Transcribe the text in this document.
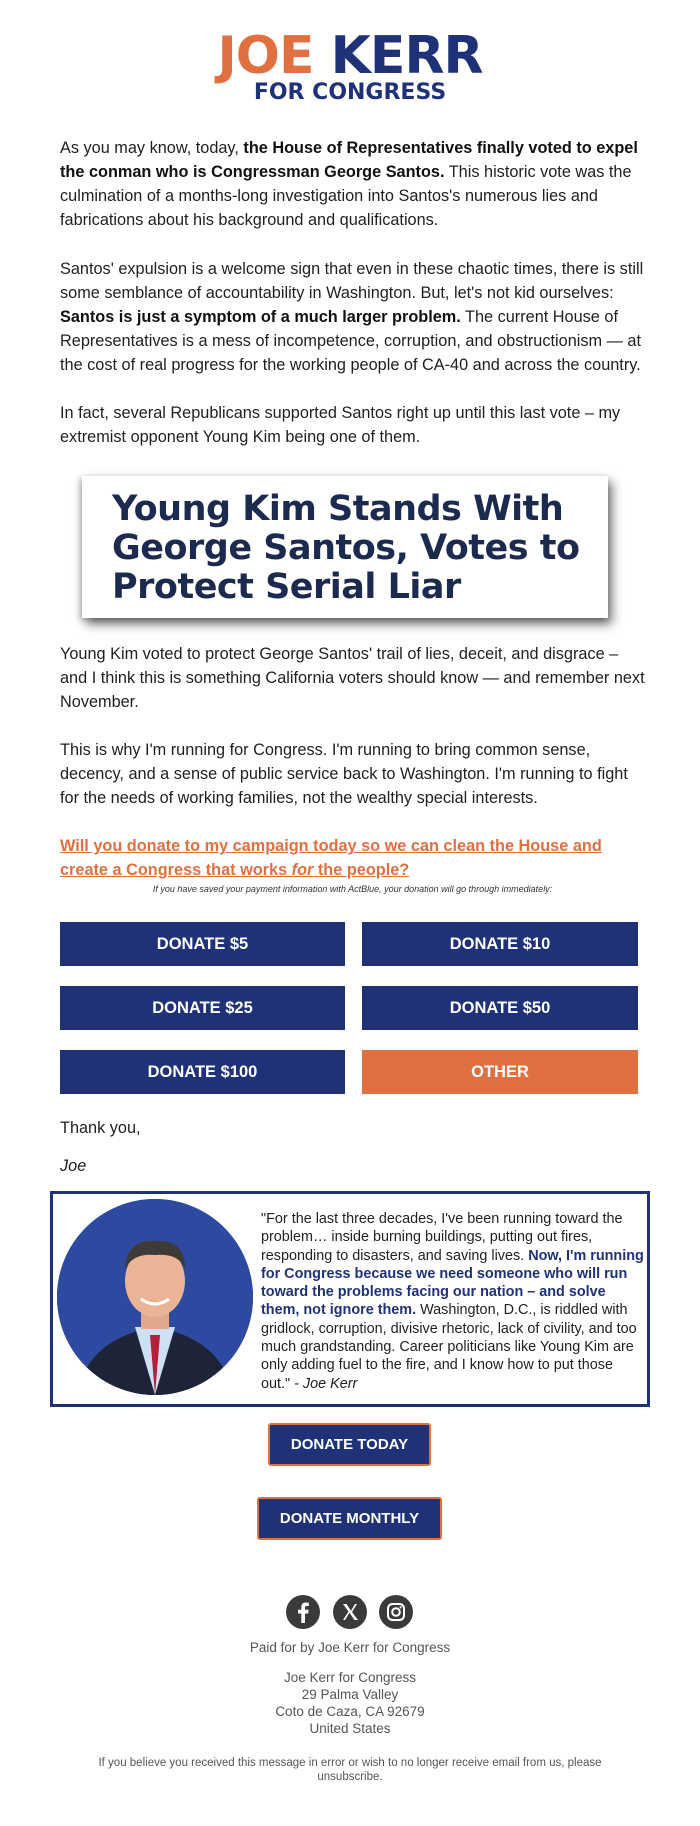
JOE KERR
FOR CONGRESS

As you may know, today, the House of Representatives finally voted to expel the conman who is Congressman George Santos. This historic vote was the culmination of a months-long investigation into Santos's numerous lies and fabrications about his background and qualifications.

Santos' expulsion is a welcome sign that even in these chaotic times, there is still some semblance of accountability in Washington. But, let's not kid ourselves: Santos is just a symptom of a much larger problem. The current House of Representatives is a mess of incompetence, corruption, and obstructionism — at the cost of real progress for the working people of CA-40 and across the country.

In fact, several Republicans supported Santos right up until this last vote – my extremist opponent Young Kim being one of them.

Young Kim Stands With
George Santos, Votes to
Protect Serial Liar

Young Kim voted to protect George Santos' trail of lies, deceit, and disgrace – and I think this is something California voters should know — and remember next November.

This is why I'm running for Congress. I'm running to bring common sense, decency, and a sense of public service back to Washington. I'm running to fight for the needs of working families, not the wealthy special interests.

Will you donate to my campaign today so we can clean the House and create a Congress that works for the people?
If you have saved your payment information with ActBlue, your donation will go through immediately:
DONATE $5	DONATE $10
DONATE $25	DONATE $50
DONATE $100	OTHER
Thank you,
Joe
"For the last three decades, I've been running toward the problem… inside burning buildings, putting out fires, responding to disasters, and saving lives. Now, I'm running for Congress because we need someone who will run toward the problems facing our nation – and solve them, not ignore them. Washington, D.C., is riddled with gridlock, corruption, divisive rhetoric, lack of civility, and too much grandstanding. Career politicians like Young Kim are only adding fuel to the fire, and I know how to put those out." - Joe Kerr
DONATE TODAY
DONATE MONTHLY
Paid for by Joe Kerr for Congress
Joe Kerr for Congress
29 Palma Valley
Coto de Caza, CA 92679
United States
If you believe you received this message in error or wish to no longer receive email from us, please unsubscribe.
